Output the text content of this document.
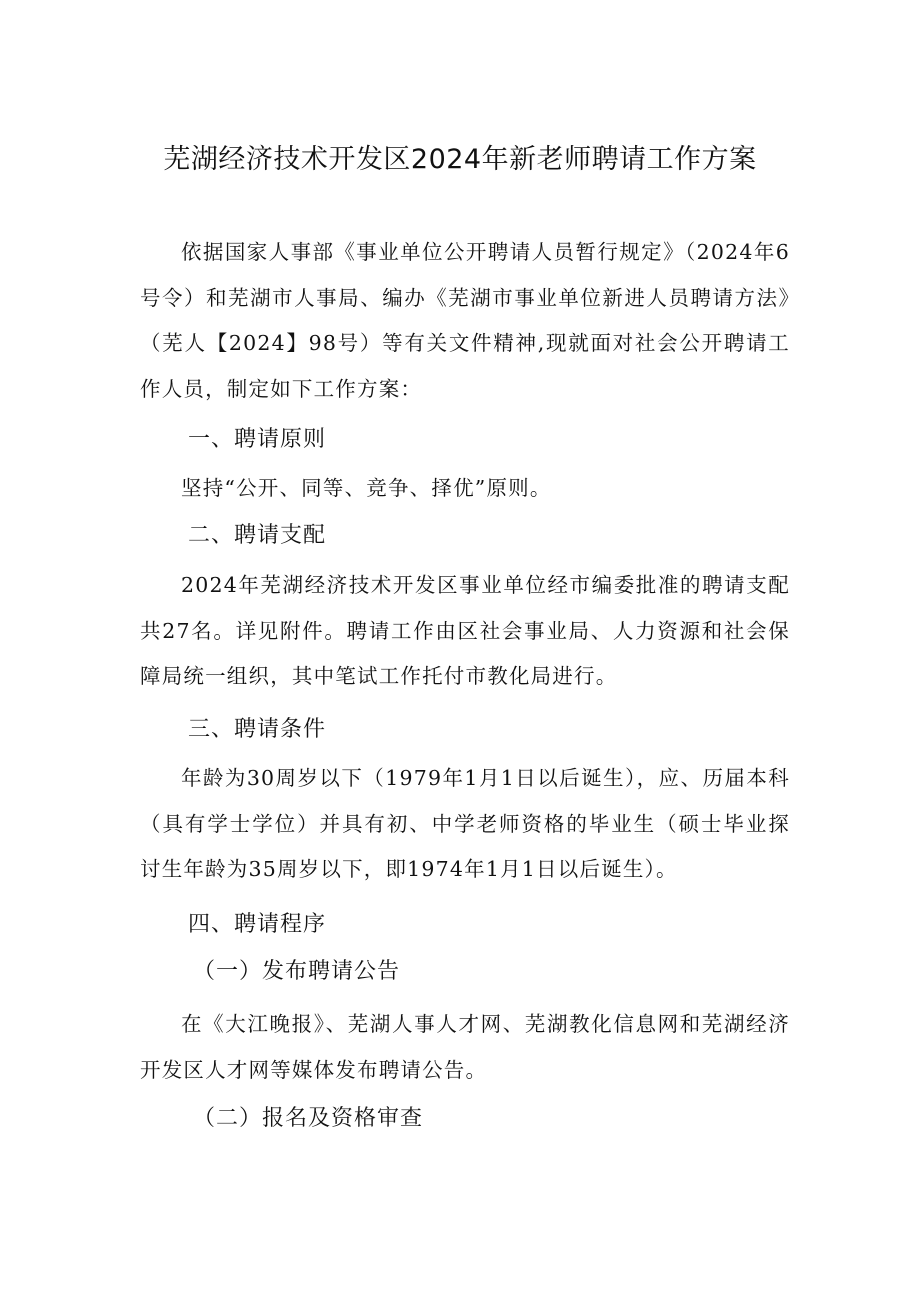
芜湖经济技术开发区2024年新老师聘请工作方案

依据国家人事部《事业单位公开聘请人员暂行规定》（2024年6号令）和芜湖市人事局、编办《芜湖市事业单位新进人员聘请方法》（芜人【2024】98号）等有关文件精神,现就面对社会公开聘请工作人员，制定如下工作方案：

一、聘请原则

坚持“公开、同等、竞争、择优”原则。

二、聘请支配

2024年芜湖经济技术开发区事业单位经市编委批准的聘请支配共27名。详见附件。聘请工作由区社会事业局、人力资源和社会保障局统一组织，其中笔试工作托付市教化局进行。

三、聘请条件

年龄为30周岁以下（1979年1月1日以后诞生），应、历届本科（具有学士学位）并具有初、中学老师资格的毕业生（硕士毕业探讨生年龄为35周岁以下，即1974年1月1日以后诞生）。

四、聘请程序
（一）发布聘请公告

在《大江晚报》、芜湖人事人才网、芜湖教化信息网和芜湖经济开发区人才网等媒体发布聘请公告。

（二）报名及资格审查
